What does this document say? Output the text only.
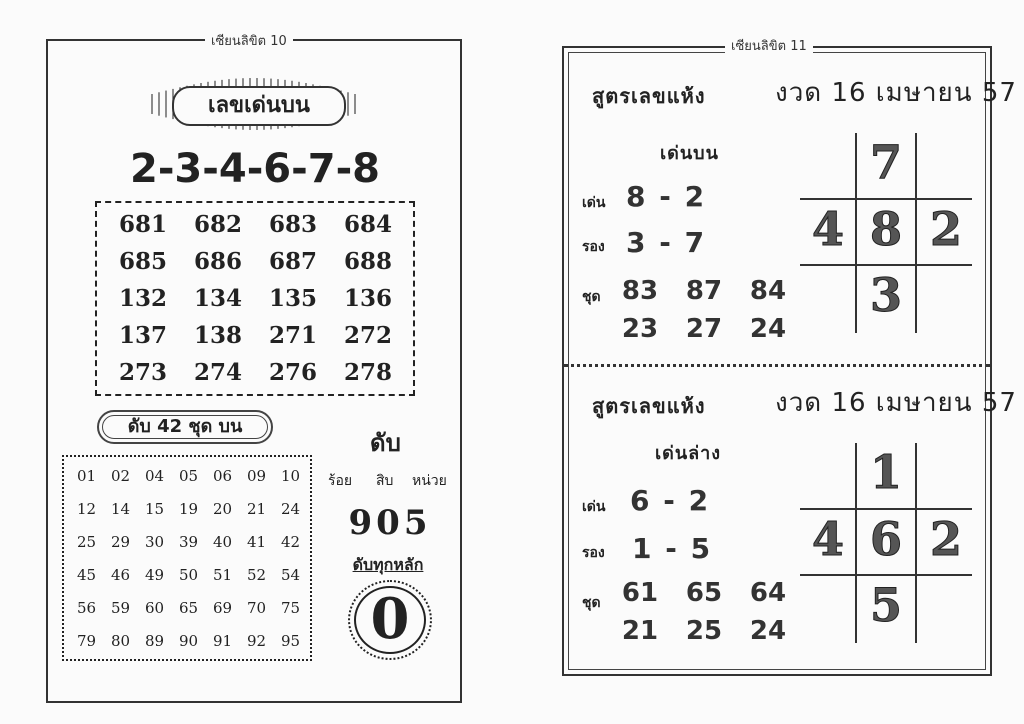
เซียนลิขิต 10
เลขเด่นบน
2-3-4-6-7-8
681	682	683	684
685	686	687	688
132	134	135	136
137	138	271	272
273	274	276	278
ดับ 42 ชุด บน
ดับ
01 02 04 05 06 09 10
12 14 15 19 20 21 24
25 29 30 39 40 41 42
45 46 49 50 51 52 54
56 59 60 65 69 70 75
79 80 89 90 91 92 95
ร้อย สิบ หน่วย
905
ดับทุกหลัก
0
เซียนลิขิต 11
สูตรเลขแห้ง	งวด 16 เมษายน 57
เด่นบน
เด่น 8 - 2
รอง 3 - 7
ชุด 83	87	84
23	27	24
7
4 8 2
3
สูตรเลขแห้ง	งวด 16 เมษายน 57
เด่นล่าง
เด่น 6 - 2
รอง 1 - 5
ชุด 61	65	64
21	25	24
1
4 6 2
5
